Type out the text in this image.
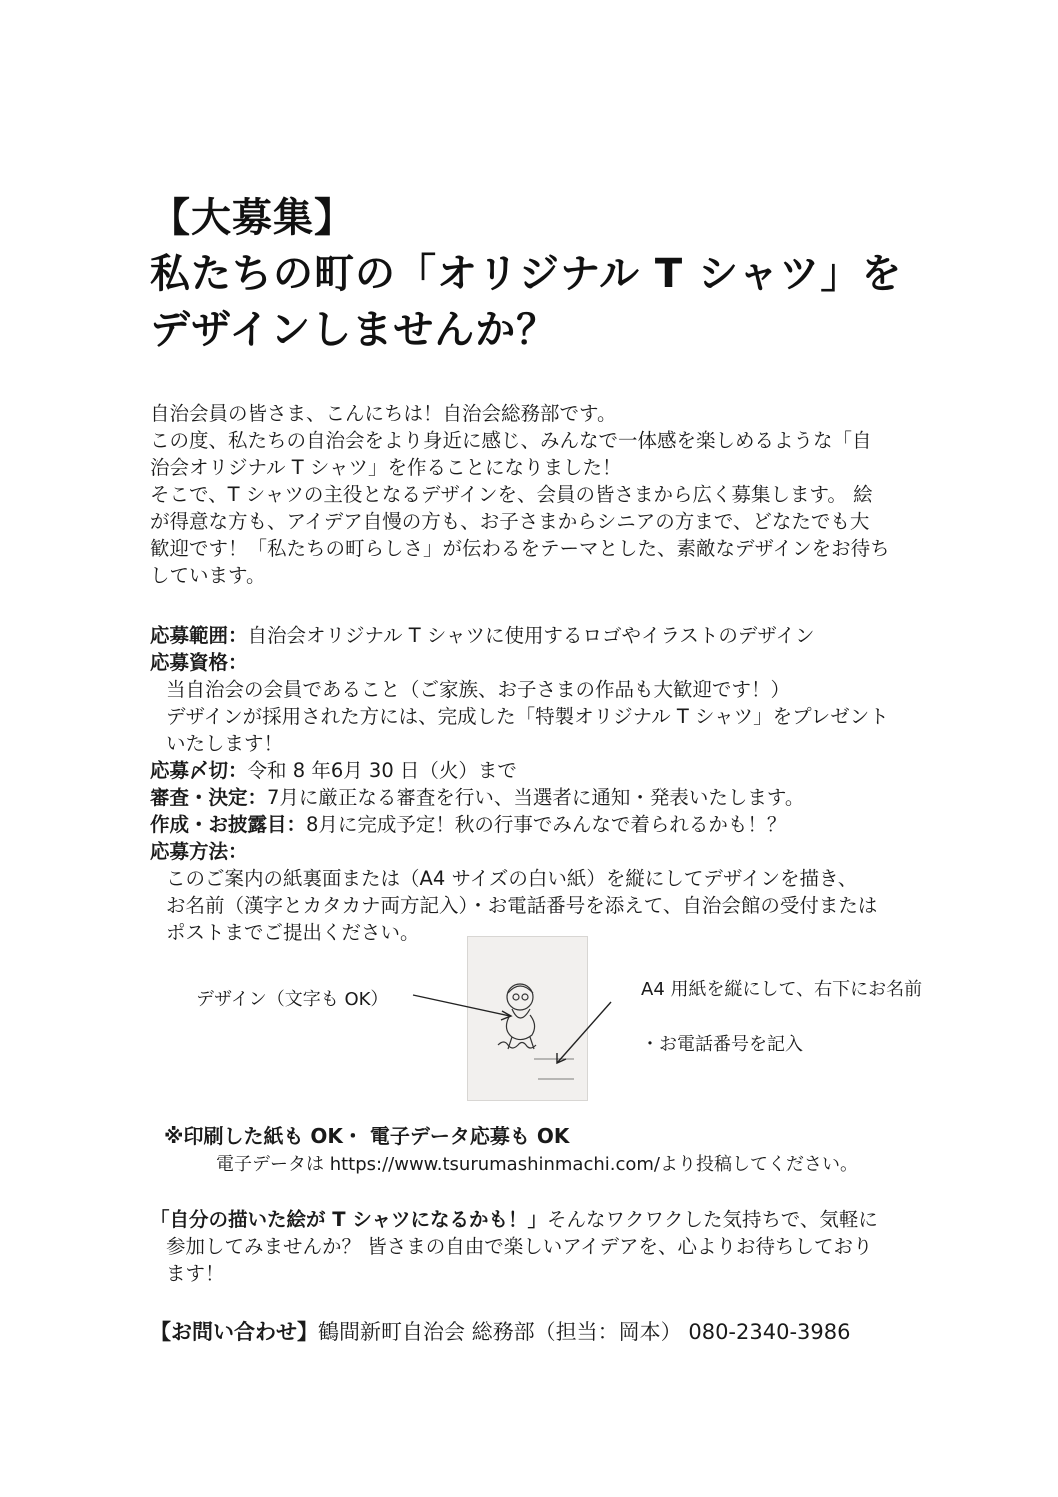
【大募集】
私たちの町の「オリジナル T シャツ」を
デザインしませんか？
自治会員の皆さま、こんにちは！自治会総務部です。
この度、私たちの自治会をより身近に感じ、みんなで一体感を楽しめるような「自
治会オリジナル T シャツ」を作ることになりました！
そこで、T シャツの主役となるデザインを、会員の皆さまから広く募集します。 絵
が得意な方も、アイデア自慢の方も、お子さまからシニアの方まで、どなたでも大
歓迎です！「私たちの町らしさ」が伝わるをテーマとした、素敵なデザインをお待ち
しています。
応募範囲：自治会オリジナル T シャツに使用するロゴやイラストのデザイン
応募資格：
当自治会の会員であること（ご家族、お子さまの作品も大歓迎です！）
デザインが採用された方には、完成した「特製オリジナル T シャツ」をプレゼント
いたします！
応募〆切：令和 8 年6月 30 日（火）まで
審査・決定：7月に厳正なる審査を行い、当選者に通知・発表いたします。
作成・お披露目：8月に完成予定！秋の行事でみんなで着られるかも！？
応募方法：
このご案内の紙裏面または（A4 サイズの白い紙）を縦にしてデザインを描き、
お名前（漢字とカタカナ両方記入）・お電話番号を添えて、自治会館の受付または
ポストまでご提出ください。
デザイン（文字も OK）	A4 用紙を縦にして、右下にお名前
・お電話番号を記入
※印刷した紙も OK・ 電子データ応募も OK
電子データは https://www.tsurumashinmachi.com/より投稿してください。
「自分の描いた絵が T シャツになるかも！」そんなワクワクした気持ちで、気軽に
参加してみませんか？ 皆さまの自由で楽しいアイデアを、心よりお待ちしており
ます！
【お問い合わせ】鶴間新町自治会 総務部（担当：岡本） 080-2340-3986
